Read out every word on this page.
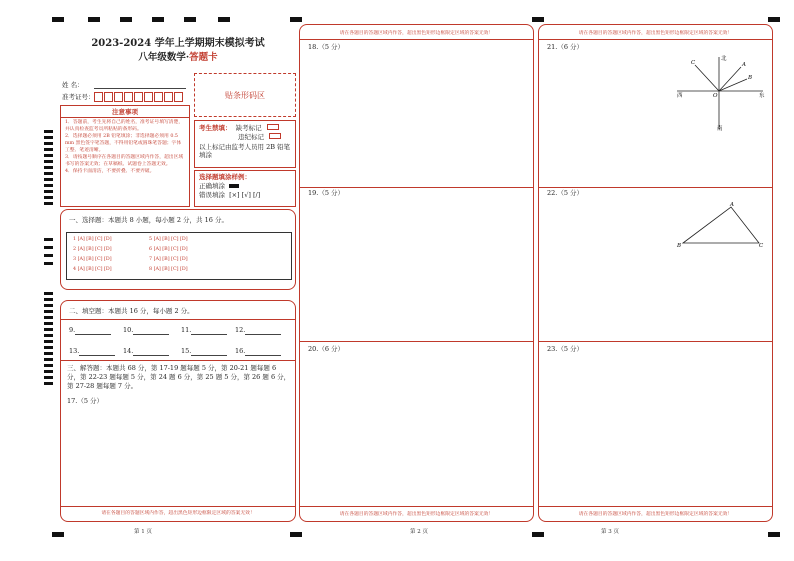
2023-2024 学年上学期期末模拟考试
八年级数学·答题卡
姓 名：
准考证号：	贴条形码区
注意事项
1．答题前，考生先将自己的姓名，准考证号填写清楚，并认真检查监考员所粘贴的条形码。
2．选择题必须用 2B 铅笔填涂；非选择题必须用 0.5 mm 黑色签字笔答题，不得用铅笔或圆珠笔答题；字体工整、笔迹清晰。
3．请按题号顺序在各题目的答题区域内作答，超出区域书写的答案无效；在草稿纸、试题卷上答题无效。
4．保持卡面清洁，不要折叠、不要弄破。
考生禁填： 缺考标记
违纪标记
以上标记由监考人员用 2B 铅笔填涂
选择题填涂样例：
正确填涂
错误填涂 [×] [√] [/]
一、选择题：本题共 8 小题，每小题 2 分，共 16 分。
1 [A] [B] [C] [D]
2 [A] [B] [C] [D]
3 [A] [B] [C] [D]
4 [A] [B] [C] [D]
5 [A] [B] [C] [D]
6 [A] [B] [C] [D]
7 [A] [B] [C] [D]
8 [A] [B] [C] [D]
二、填空题：本题共 16 分，每小题 2 分。
9.	10.	11.	12.
13.	14.	15.	16.
三、解答题：本题共 68 分，第 17-19 题每题 5 分，第 20-21 题每题 6 分，第 22-23 题每题 5 分，第 24 题 6 分，第 25 题 5 分，第 26 题 6 分，第 27-28 题每题 7 分。
17.（5 分）
请在各题目的答题区域内作答，超出黑色矩形边框限定区域的答案无效！
第 1 页
请在各题目的答题区域内作答，超出黑色矩形边框限定区域的答案无效！
18.（5 分）
19.（5 分）
20.（6 分）
请在各题目的答题区域内作答，超出黑色矩形边框限定区域的答案无效！
第 2 页
请在各题目的答题区域内作答，超出黑色矩形边框限定区域的答案无效！
21.（6 分）
北
南
西	东
C	A
B
O
22.（5 分）
A
B	C
23.（5 分）
请在各题目的答题区域内作答，超出黑色矩形边框限定区域的答案无效！
第 3 页
